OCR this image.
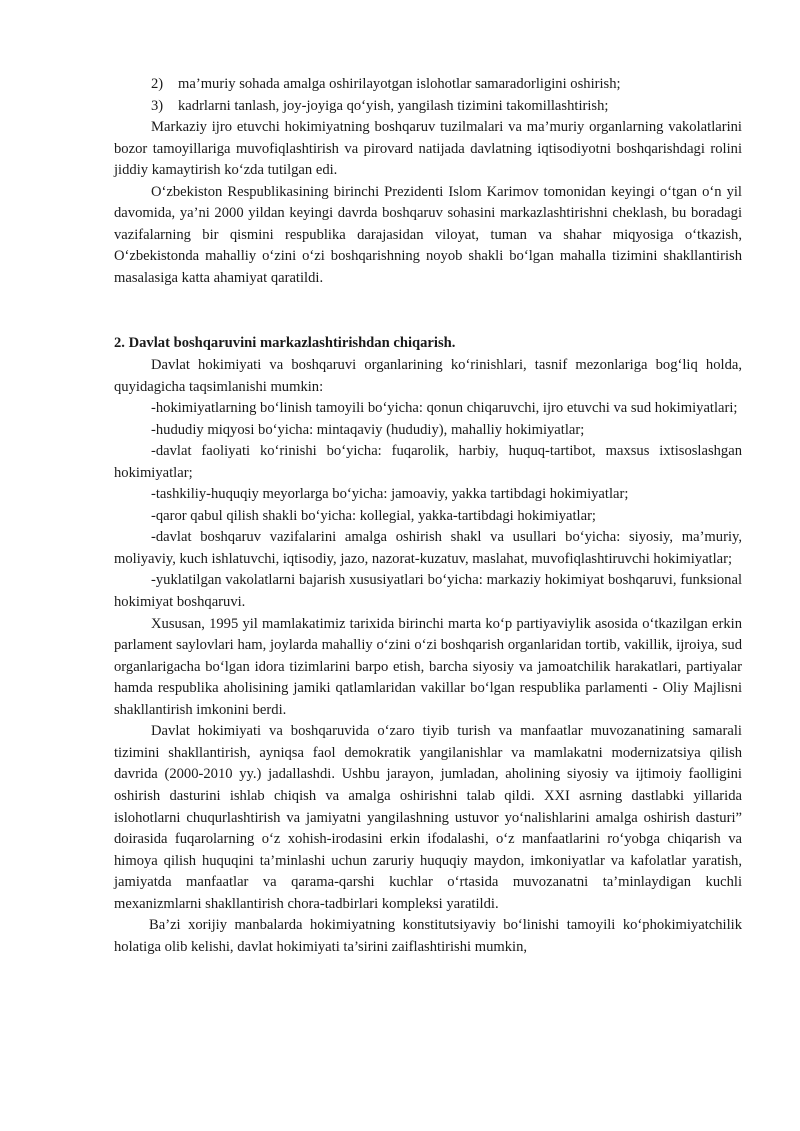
2) ma’muriy sohada amalga oshirilayotgan islohotlar samaradorligini oshirish;

3) kadrlarni tanlash, joy-joyiga qo‘yish, yangilash tizimini takomillashtirish;

Markaziy ijro etuvchi hokimiyatning boshqaruv tuzilmalari va ma’muriy organlarning vakolatlarini bozor tamoyillariga muvofiqlashtirish va pirovard natijada davlatning iqtisodiyotni boshqarishdagi rolini jiddiy kamaytirish ko‘zda tutilgan edi.

O‘zbekiston Respublikasining birinchi Prezidenti Islom Karimov tomonidan keyingi o‘tgan o‘n yil davomida, ya’ni 2000 yildan keyingi davrda boshqaruv sohasini markazlashtirishni cheklash, bu boradagi vazifalarning bir qismini respublika darajasidan viloyat, tuman va shahar miqyosiga o‘tkazish, O‘zbekistonda mahalliy o‘zini o‘zi boshqarishning noyob shakli bo‘lgan mahalla tizimini shakllantirish masalasiga katta ahamiyat qaratildi.

2. Davlat boshqaruvini markazlashtirishdan chiqarish.

Davlat hokimiyati va boshqaruvi organlarining ko‘rinishlari, tasnif mezonlariga bog‘liq holda, quyidagicha taqsimlanishi mumkin:

-hokimiyatlarning bo‘linish tamoyili bo‘yicha: qonun chiqaruvchi, ijro etuvchi va sud hokimiyatlari;

-hududiy miqyosi bo‘yicha: mintaqaviy (hududiy), mahalliy hokimiyatlar;

-davlat faoliyati ko‘rinishi bo‘yicha: fuqarolik, harbiy, huquq-tartibot, maxsus ixtisoslashgan hokimiyatlar;

-tashkiliy-huquqiy meyorlarga bo‘yicha: jamoaviy, yakka tartibdagi hokimiyatlar;

-qaror qabul qilish shakli bo‘yicha: kollegial, yakka-tartibdagi hokimiyatlar;

-davlat boshqaruv vazifalarini amalga oshirish shakl va usullari bo‘yicha: siyosiy, ma’muriy, moliyaviy, kuch ishlatuvchi, iqtisodiy, jazo, nazorat-kuzatuv, maslahat, muvofiqlashtiruvchi hokimiyatlar;

-yuklatilgan vakolatlarni bajarish xususiyatlari bo‘yicha: markaziy hokimiyat boshqaruvi, funksional hokimiyat boshqaruvi.

Xususan, 1995 yil mamlakatimiz tarixida birinchi marta ko‘p partiyaviylik asosida o‘tkazilgan erkin parlament saylovlari ham, joylarda mahalliy o‘zini o‘zi boshqarish organlaridan tortib, vakillik, ijroiya, sud organlarigacha bo‘lgan idora tizimlarini barpo etish, barcha siyosiy va jamoatchilik harakatlari, partiyalar hamda respublika aholisining jamiki qatlamlaridan vakillar bo‘lgan respublika parlamenti - Oliy Majlisni shakllantirish imkonini berdi.

Davlat hokimiyati va boshqaruvida o‘zaro tiyib turish va manfaatlar muvozanatining samarali tizimini shakllantirish, ayniqsa faol demokratik yangilanishlar va mamlakatni modernizatsiya qilish davrida (2000-2010 yy.) jadallashdi. Ushbu jarayon, jumladan, aholining siyosiy va ijtimoiy faolligini oshirish dasturini ishlab chiqish va amalga oshirishni talab qildi. XXI asrning dastlabki yillarida islohotlarni chuqurlashtirish va jamiyatni yangilashning ustuvor yo‘nalishlarini amalga oshirish dasturi” doirasida fuqarolarning o‘z xohish-irodasini erkin ifodalashi, o‘z manfaatlarini ro‘yobga chiqarish va himoya qilish huquqini ta’minlashi uchun zaruriy huquqiy maydon, imkoniyatlar va kafolatlar yaratish, jamiyatda manfaatlar va qarama-qarshi kuchlar o‘rtasida muvozanatni ta’minlaydigan kuchli mexanizmlarni shakllantirish chora-tadbirlari kompleksi yaratildi.

Ba’zi xorijiy manbalarda hokimiyatning konstitutsiyaviy bo‘linishi tamoyili ko‘phokimiyatchilik holatiga olib kelishi, davlat hokimiyati ta’sirini zaiflashtirishi mumkin,
